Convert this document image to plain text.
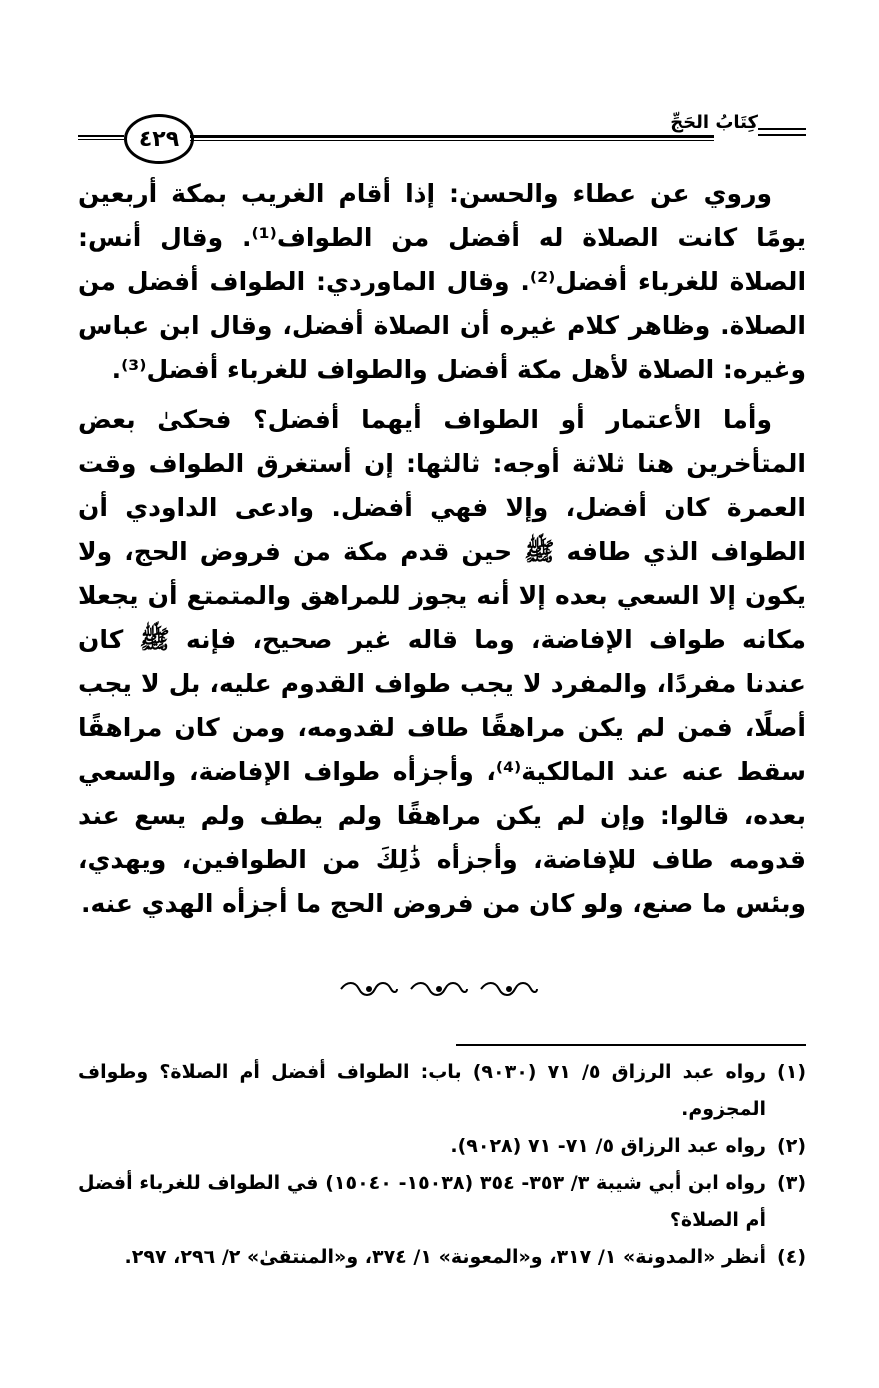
٤٢٩
كِتَابُ الحَجِّ

وروي عن عطاء والحسن: إذا أقام الغريب بمكة أربعين يومًا كانت الصلاة له أفضل من الطواف⁽¹⁾. وقال أنس: الصلاة للغرباء أفضل⁽²⁾. وقال الماوردي: الطواف أفضل من الصلاة. وظاهر كلام غيره أن الصلاة أفضل، وقال ابن عباس وغيره: الصلاة لأهل مكة أفضل والطواف للغرباء أفضل⁽³⁾.

وأما الأعتمار أو الطواف أيهما أفضل؟ فحكىٰ بعض المتأخرين هنا ثلاثة أوجه: ثالثها: إن أستغرق الطواف وقت العمرة كان أفضل، وإلا فهي أفضل. وادعى الداودي أن الطواف الذي طافه ﷺ حين قدم مكة من فروض الحج، ولا يكون إلا السعي بعده إلا أنه يجوز للمراهق والمتمتع أن يجعلا مكانه طواف الإفاضة، وما قاله غير صحيح، فإنه ﷺ كان عندنا مفردًا، والمفرد لا يجب طواف القدوم عليه، بل لا يجب أصلًا، فمن لم يكن مراهقًا طاف لقدومه، ومن كان مراهقًا سقط عنه عند المالكية⁽⁴⁾، وأجزأه طواف الإفاضة، والسعي بعده، قالوا: وإن لم يكن مراهقًا ولم يطف ولم يسع عند قدومه طاف للإفاضة، وأجزأه ذَٰلِكَ من الطوافين، ويهدي، وبئس ما صنع، ولو كان من فروض الحج ما أجزأه الهدي عنه.

(١)
رواه عبد الرزاق ٥/ ٧١ (٩٠٣٠) باب: الطواف أفضل أم الصلاة؟ وطواف المجزوم.
(٢)
رواه عبد الرزاق ٥/ ٧١- ٧١ (٩٠٢٨).
(٣)
رواه ابن أبي شيبة ٣/ ٣٥٣- ٣٥٤ (١٥٠٣٨- ١٥٠٤٠) في الطواف للغرباء أفضل أم الصلاة؟
(٤)
أنظر «المدونة» ١/ ٣١٧، و«المعونة» ١/ ٣٧٤، و«المنتقىٰ» ٢/ ٢٩٦، ٢٩٧.
